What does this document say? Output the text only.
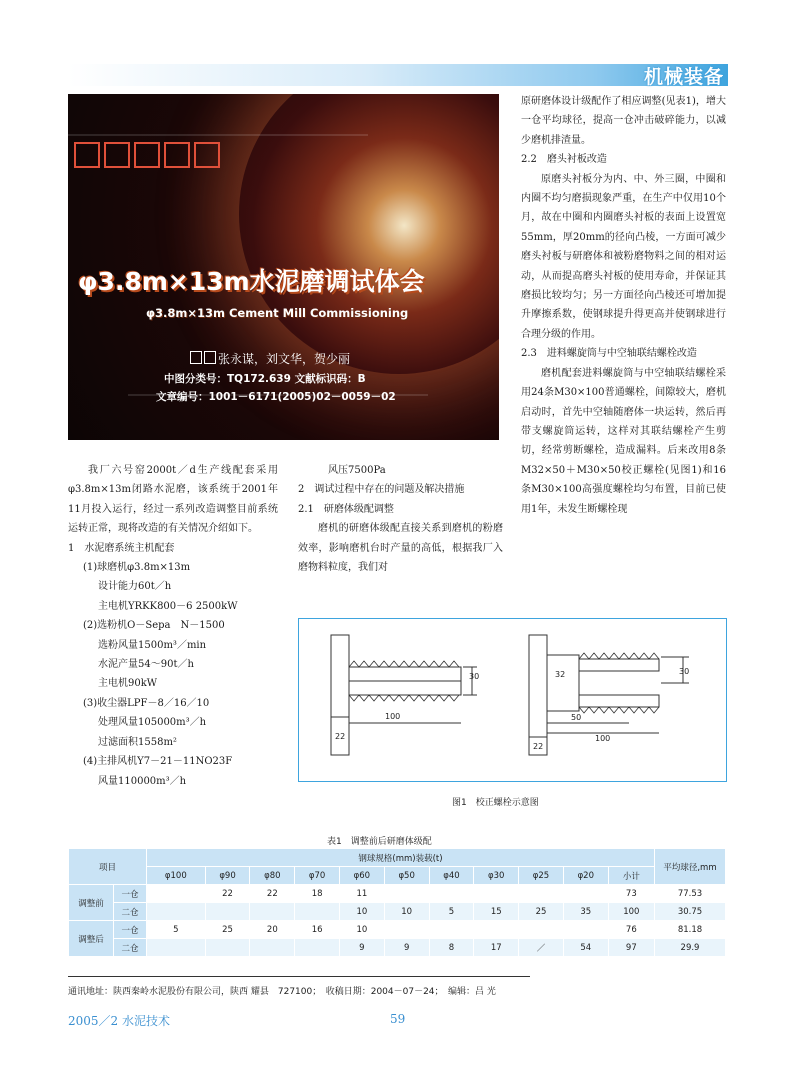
机械装备
φ3.8m×13m水泥磨调试体会
φ3.8m×13m Cement Mill Commissioning
张永谋，刘文华，贺少丽
中图分类号：TQ172.639 文献标识码：B
文章编号：1001－6171(2005)02－0059－02

我厂六号窑2000t／d生产线配套采用φ3.8m×13m闭路水泥磨，该系统于2001年11月投入运行，经过一系列改造调整目前系统运转正常，现将改造的有关情况介绍如下。

1　水泥磨系统主机配套

(1)球磨机φ3.8m×13m

设计能力60t／h

主电机YRKK800－6 2500kW

(2)选粉机O－Sepa　N－1500

选粉风量1500m³／min

水泥产量54～90t／h

主电机90kW

(3)收尘器LPF－8／16／10

处理风量105000m³／h

过滤面积1558m²

(4)主排风机Y7－21－11NO23F

风量110000m³／h

风压7500Pa

2　调试过程中存在的问题及解决措施

2.1　研磨体级配调整

磨机的研磨体级配直接关系到磨机的粉磨效率，影响磨机台时产量的高低，根据我厂入磨物料粒度，我们对

原研磨体设计级配作了相应调整(见表1)，增大一仓平均球径，提高一仓冲击破碎能力，以减少磨机排渣量。

2.2　磨头衬板改造

原磨头衬板分为内、中、外三圈，中圈和内圈不均匀磨损现象严重，在生产中仅用10个月，故在中圈和内圈磨头衬板的表面上设置宽55mm，厚20mm的径向凸棱，一方面可减少磨头衬板与研磨体和被粉磨物料之间的相对运动，从而提高磨头衬板的使用寿命，并保证其磨损比较均匀；另一方面径向凸棱还可增加提升摩擦系数，使钢球提升得更高并使钢球进行合理分级的作用。

2.3　进料螺旋筒与中空轴联结螺栓改造

磨机配套进料螺旋筒与中空轴联结螺栓采用24条M30×100普通螺栓，间隙较大，磨机启动时，首先中空轴随磨体一块运转，然后再带支螺旋筒运转，这样对其联结螺栓产生剪切，经常剪断螺栓，造成漏料。后来改用8条M32×50＋M30×50校正螺栓(见图1)和16条M30×100高强度螺栓均匀布置，目前已使用1年，未发生断螺栓现

30
100
22
32	30
50
100
22
图1　校正螺栓示意图
表1　调整前后研磨体级配
项目		钢球规格(mm)装载(t)											平均球径,mm
		φ100	φ90	φ80	φ70	φ60	φ50	φ40	φ30	φ25	φ20	小计	
调整前	一仓		22	22	18	11						73	77.53
	二仓					10	10	5	15	25	35	100	30.75
调整后	一仓	5	25	20	16	10						76	81.18
	二仓					9	9	8	17	／	54	97	29.9
通讯地址：陕西秦岭水泥股份有限公司，陕西 耀县　727100；　收稿日期：2004－07－24；　编辑：吕 光
2005／2 水泥技术	59
